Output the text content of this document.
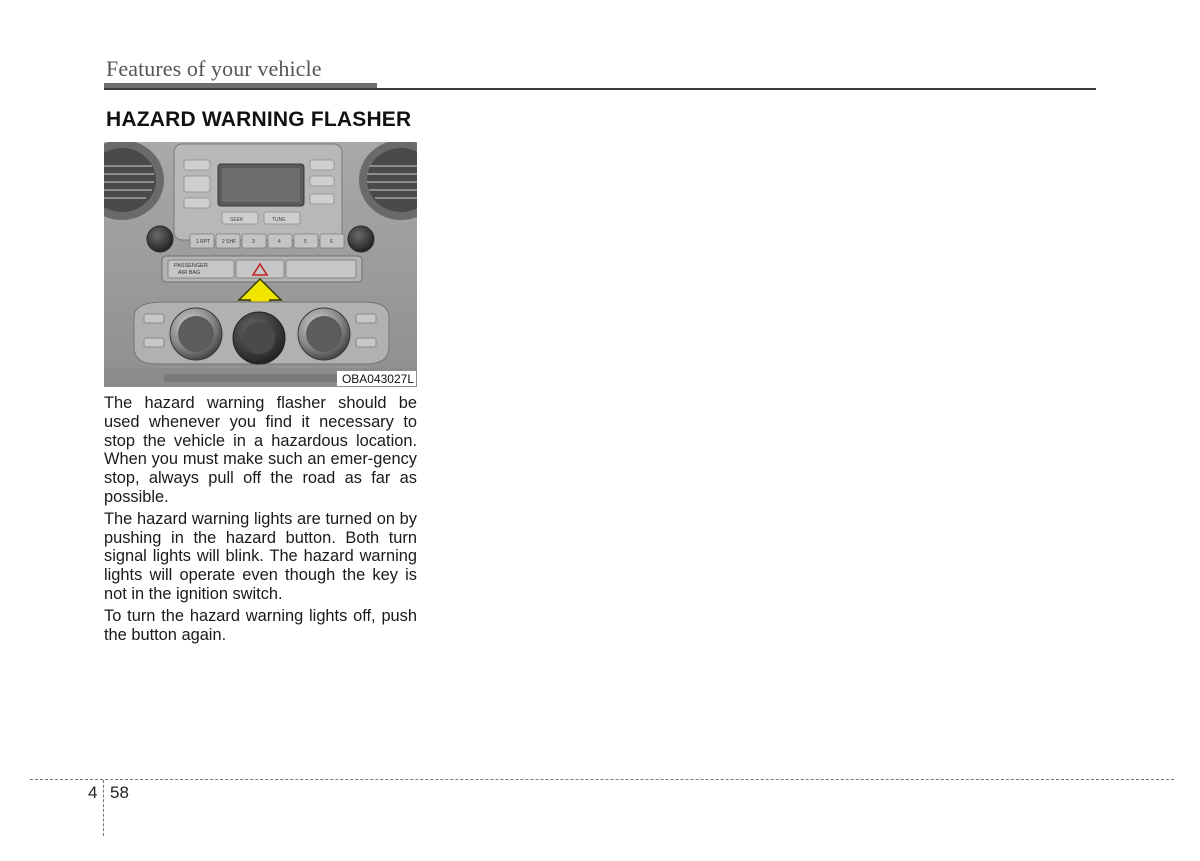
Features of your vehicle
HAZARD WARNING FLASHER
SEEK	TUNE
1 RPT 2 SHF	3	4	5	6
PASSENGER
AIR BAG
OBA043027L

The hazard warning flasher should be used whenever you find it necessary to stop the vehicle in a hazardous location. When you must make such an emer-gency stop, always pull off the road as far as possible.

The hazard warning lights are turned on by pushing in the hazard button. Both turn signal lights will blink. The hazard warning lights will operate even though the key is not in the ignition switch.

To turn the hazard warning lights off, push the button again.

4 58
